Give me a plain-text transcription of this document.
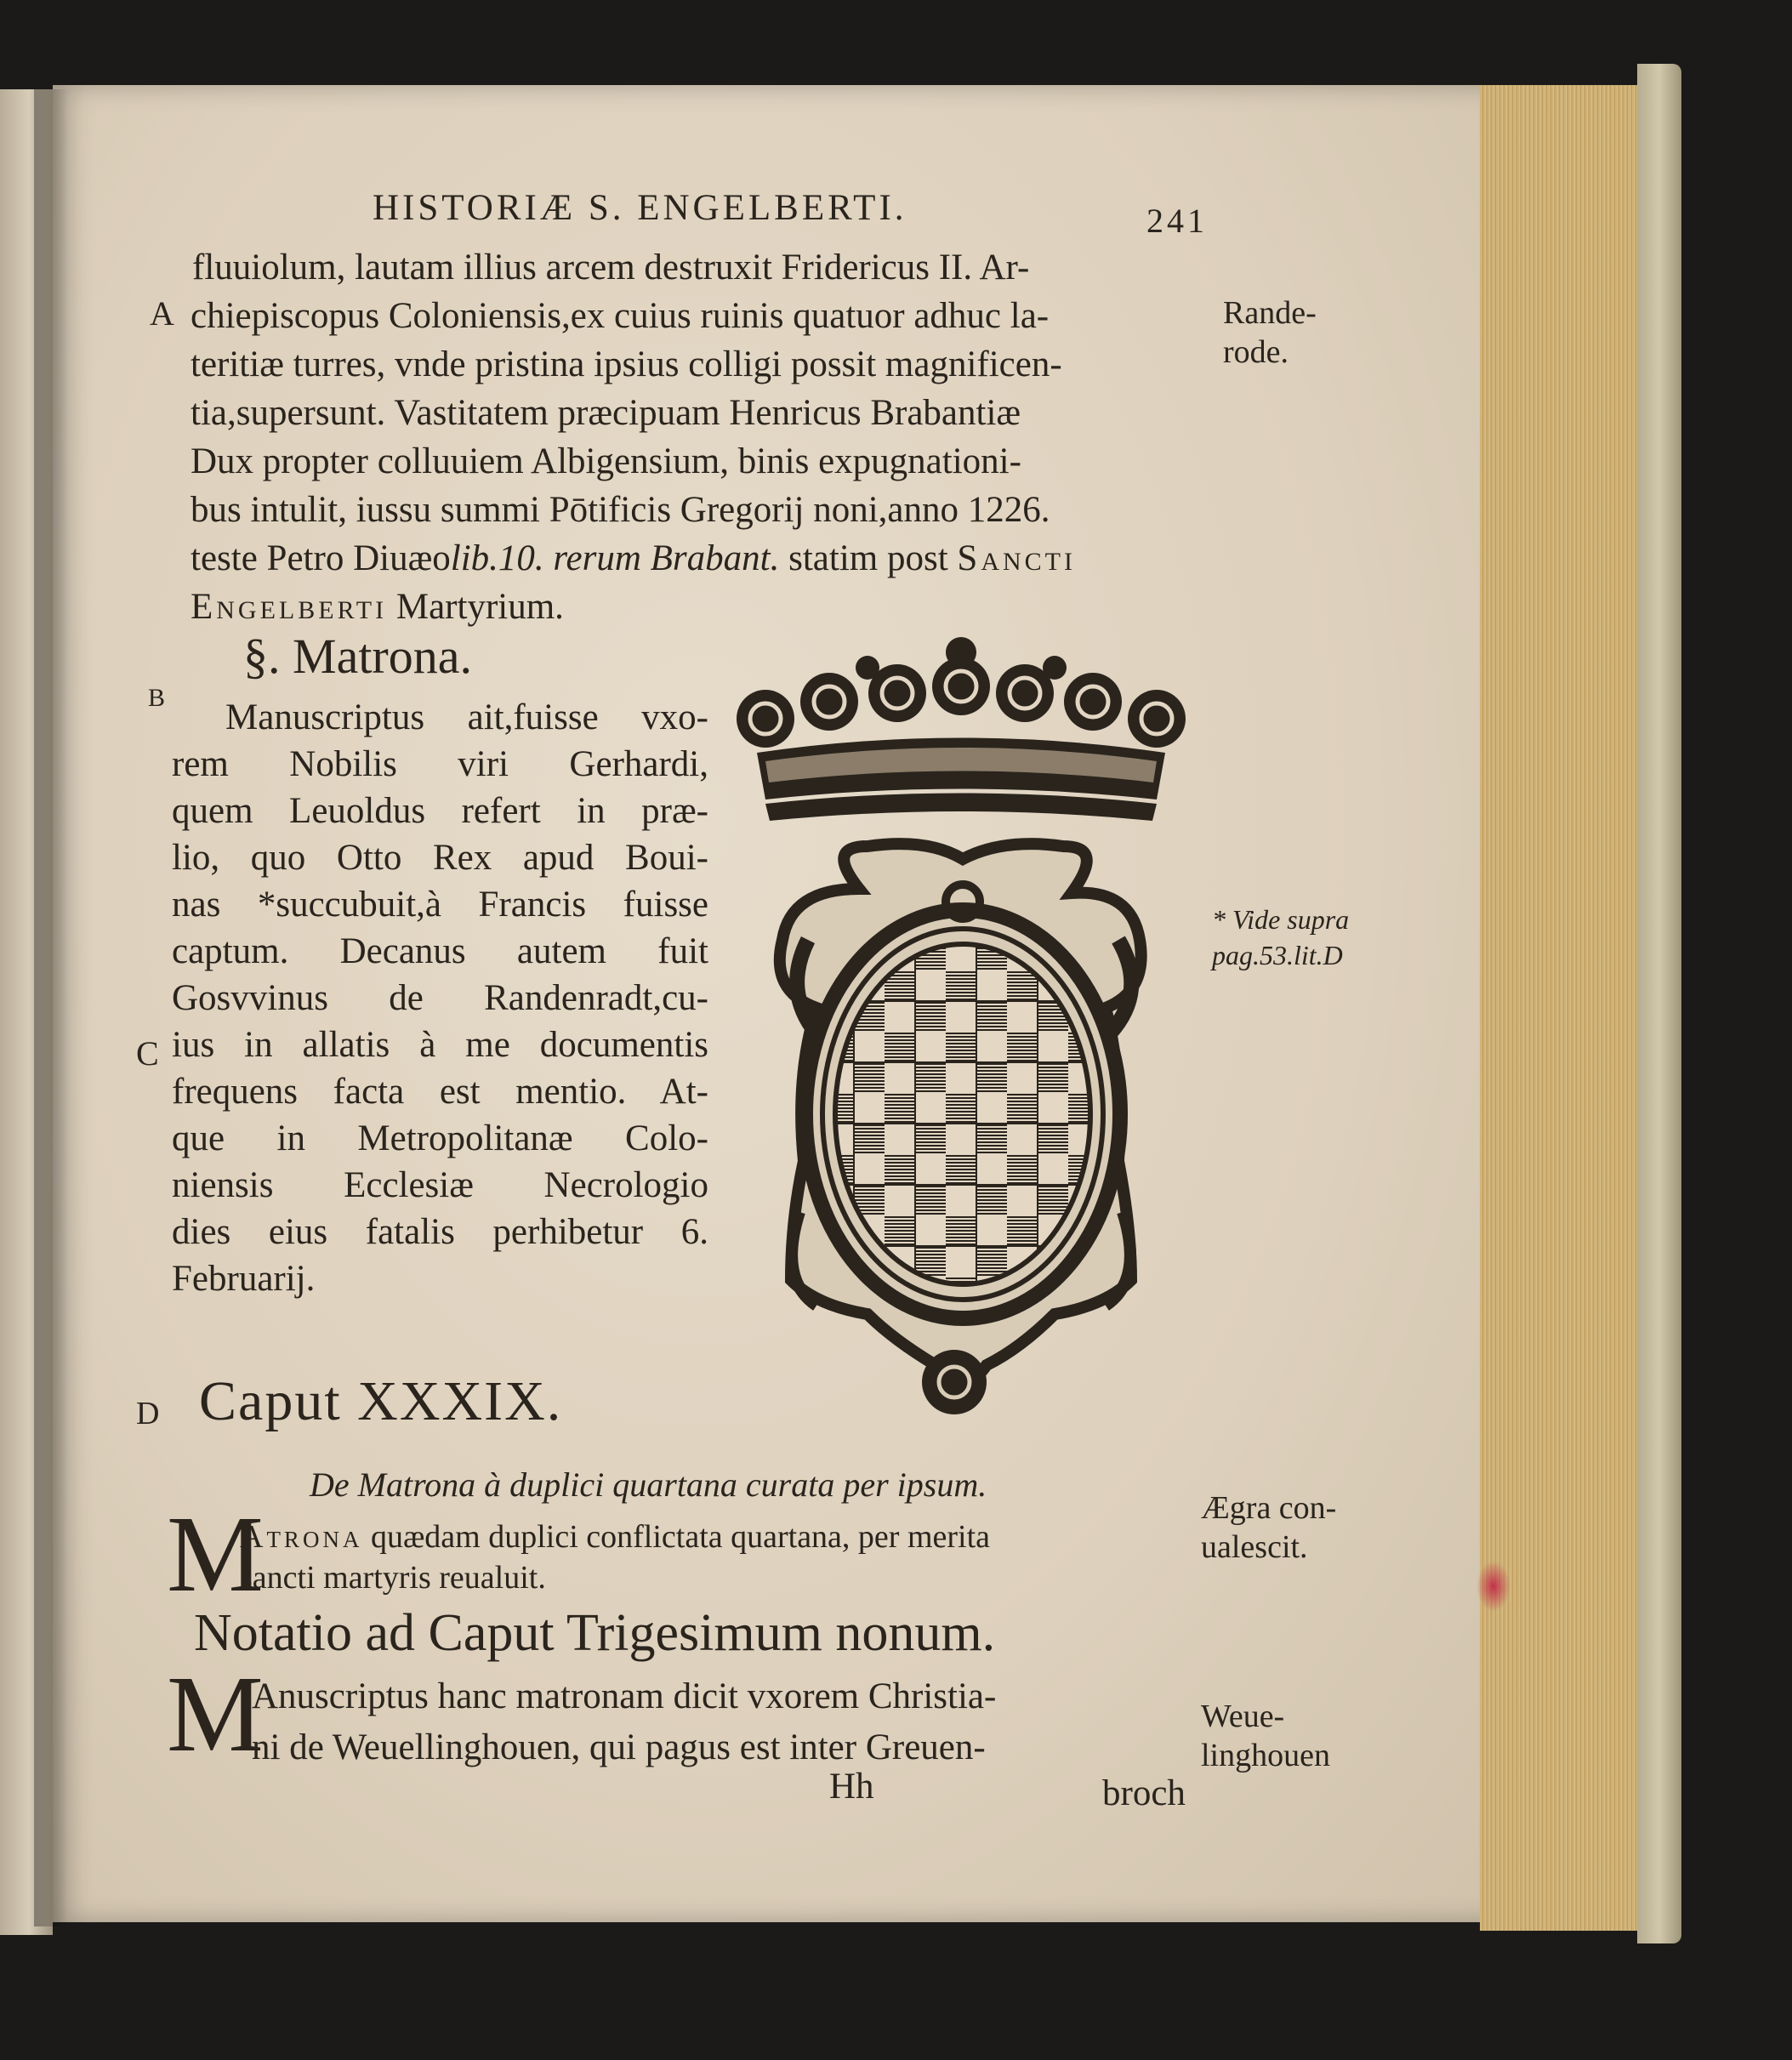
HISTORIÆ S. ENGELBERTI.	241
fluuiolum, lautam illius arcem destruxit Fridericus II. Ar-
A chiepiscopus Coloniensis,ex cuius ruinis quatuor adhuc la-
teritiæ turres, vnde pristina ipsius colligi possit magnificen-
tia,supersunt. Vastitatem præcipuam Henricus Brabantiæ
Dux propter colluuiem Albigensium, binis expugnationi-
bus intulit, iussu summi Pōtificis Gregorij noni,anno 1226.
teste Petro Diuæolib.10. rerum Brabant. statim post Sancti
Engelberti Martyrium.
Rande-
rode.
§. Matrona.
B
C
Manuscriptus ait,fuisse vxo-
rem Nobilis viri Gerhardi,
quem Leuoldus refert in præ-
lio, quo Otto Rex apud Boui-
nas *succubuit,à Francis fuisse
captum. Decanus autem fuit
Gosvvinus de Randenradt,cu-
ius in allatis à me documentis
frequens facta est mentio. At-
que in Metropolitanæ Colo-
niensis Ecclesiæ Necrologio
dies eius fatalis perhibetur 6.
Februarij.
* Vide supra
pag.53.lit.D
D Caput XXXIX.
De Matrona à duplici quartana curata per ipsum.
Ægra con-
ualescit.
M
Atrona quædam duplici conflictata quartana, per merita
sancti martyris reualuit.
Notatio ad Caput Trigesimum nonum.
M
Anuscriptus hanc matronam dicit vxorem Christia-
ni de Weuellinghouen, qui pagus est inter Greuen-
Hh	broch
Weue-
linghouen
